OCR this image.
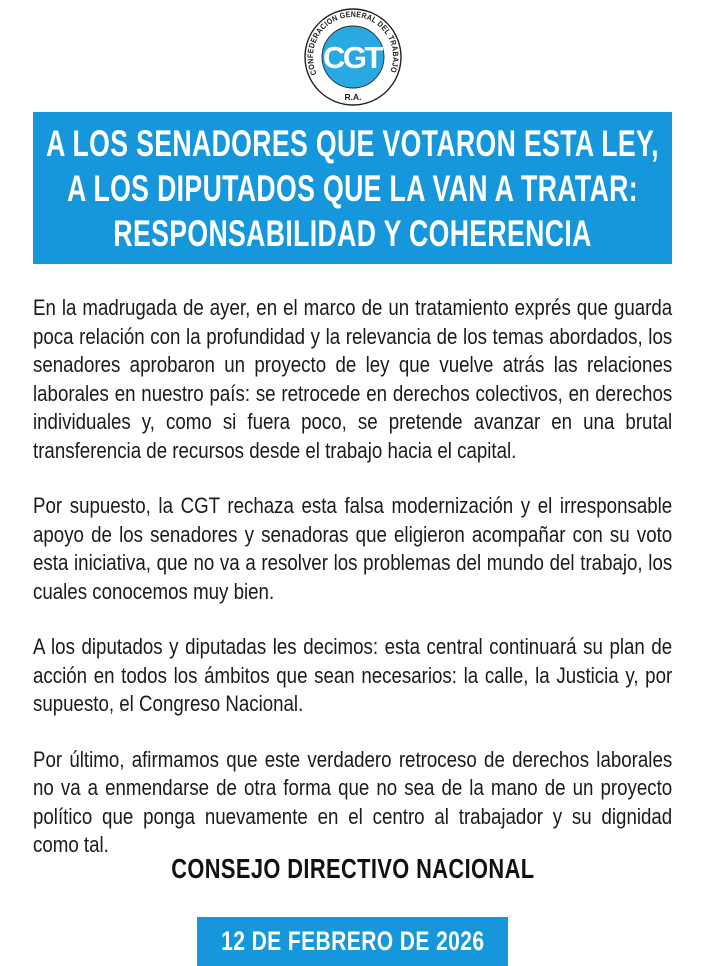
CONFEDERACION GENERAL DEL TRABAJO
R.A.
CGT
A LOS SENADORES QUE VOTARON ESTA LEY,
A LOS DIPUTADOS QUE LA VAN A TRATAR:
RESPONSABILIDAD Y COHERENCIA

En la madrugada de ayer, en el marco de un tratamiento exprés que guarda poca relación con la profundidad y la relevancia de los temas abordados, los senadores aprobaron un proyecto de ley que vuelve atrás las relaciones laborales en nuestro país: se retrocede en derechos colectivos, en derechos individuales y, como si fuera poco, se pretende avanzar en una brutal transferencia de recursos desde el trabajo hacia el capital.

Por supuesto, la CGT rechaza esta falsa modernización y el irresponsable apoyo de los senadores y senadoras que eligieron acompañar con su voto esta iniciativa, que no va a resolver los problemas del mundo del trabajo, los cuales conocemos muy bien.

A los diputados y diputadas les decimos: esta central continuará su plan de acción en todos los ámbitos que sean necesarios: la calle, la Justicia y, por supuesto, el Congreso Nacional.

Por último, afirmamos que este verdadero retroceso de derechos laborales no va a enmendarse de otra forma que no sea de la mano de un proyecto político que ponga nuevamente en el centro al trabajador y su dignidad como tal.

CONSEJO DIRECTIVO NACIONAL
12 DE FEBRERO DE 2026
